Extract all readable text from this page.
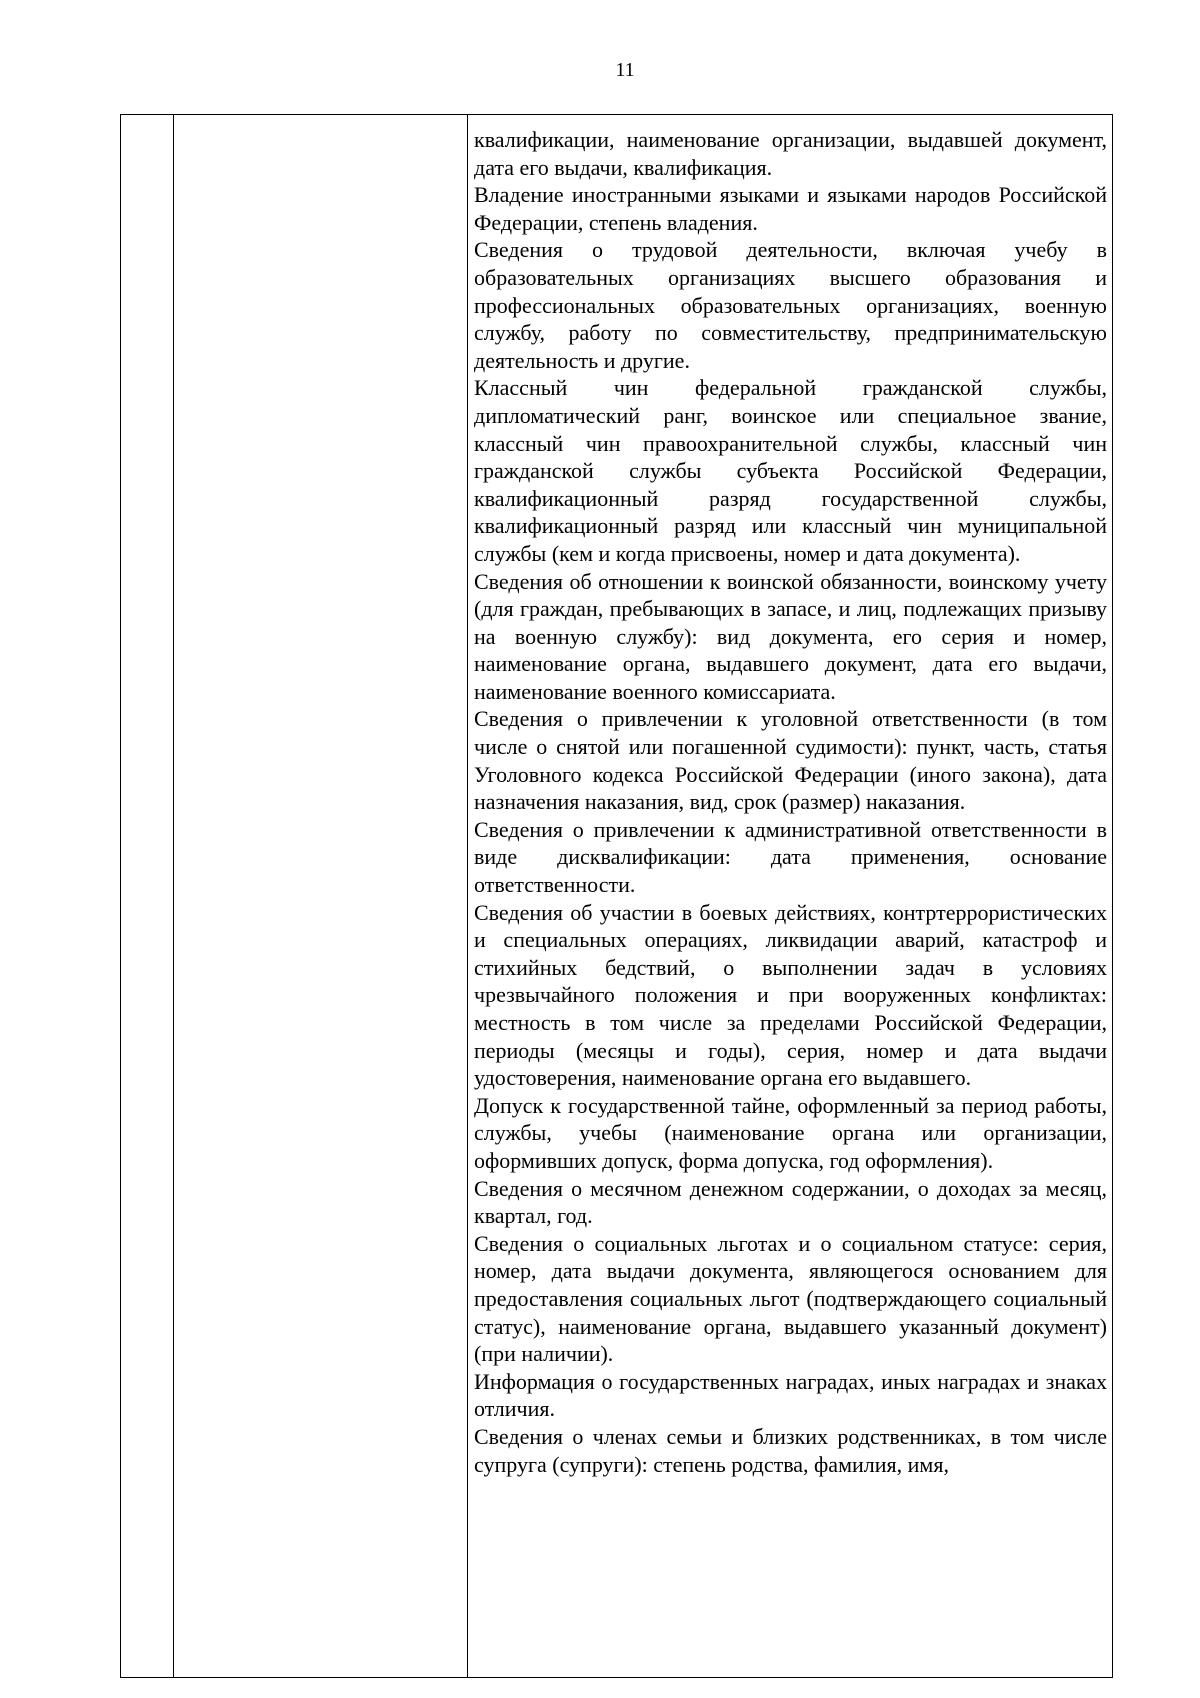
11

квалификации, наименование организации, выдавшей документ, дата его выдачи, квалификация.

Владение иностранными языками и языками народов Российской Федерации, степень владения.

Сведения о трудовой деятельности, включая учебу в образовательных организациях высшего образования и профессиональных образовательных организациях, военную службу, работу по совместительству, предпринимательскую деятельность и другие.

Классный чин федеральной гражданской службы, дипломатический ранг, воинское или специальное звание, классный чин правоохранительной службы, классный чин гражданской службы субъекта Российской Федерации, квалификационный разряд государственной службы, квалификационный разряд или классный чин муниципальной службы (кем и когда присвоены, номер и дата документа).

Сведения об отношении к воинской обязанности, воинскому учету (для граждан, пребывающих в запасе, и лиц, подлежащих призыву на военную службу): вид документа, его серия и номер, наименование органа, выдавшего документ, дата его выдачи, наименование военного комиссариата.

Сведения о привлечении к уголовной ответственности (в том числе о снятой или погашенной судимости): пункт, часть, статья Уголовного кодекса Российской Федерации (иного закона), дата назначения наказания, вид, срок (размер) наказания.

Сведения о привлечении к административной ответственности в виде дисквалификации: дата применения, основание ответственности.

Сведения об участии в боевых действиях, контртеррористических и специальных операциях, ликвидации аварий, катастроф и стихийных бедствий, о выполнении задач в условиях чрезвычайного положения и при вооруженных конфликтах: местность в том числе за пределами Российской Федерации, периоды (месяцы и годы), серия, номер и дата выдачи удостоверения, наименование органа его выдавшего.

Допуск к государственной тайне, оформленный за период работы, службы, учебы (наименование органа или организации, оформивших допуск, форма допуска, год оформления).

Сведения о месячном денежном содержании, о доходах за месяц, квартал, год.

Сведения о социальных льготах и о социальном статусе: серия, номер, дата выдачи документа, являющегося основанием для предоставления социальных льгот (подтверждающего социальный статус), наименование органа, выдавшего указанный документ) (при наличии).

Информация о государственных наградах, иных наградах и знаках отличия.

Сведения о членах семьи и близких родственниках, в том числе супруга (супруги): степень родства, фамилия, имя,
